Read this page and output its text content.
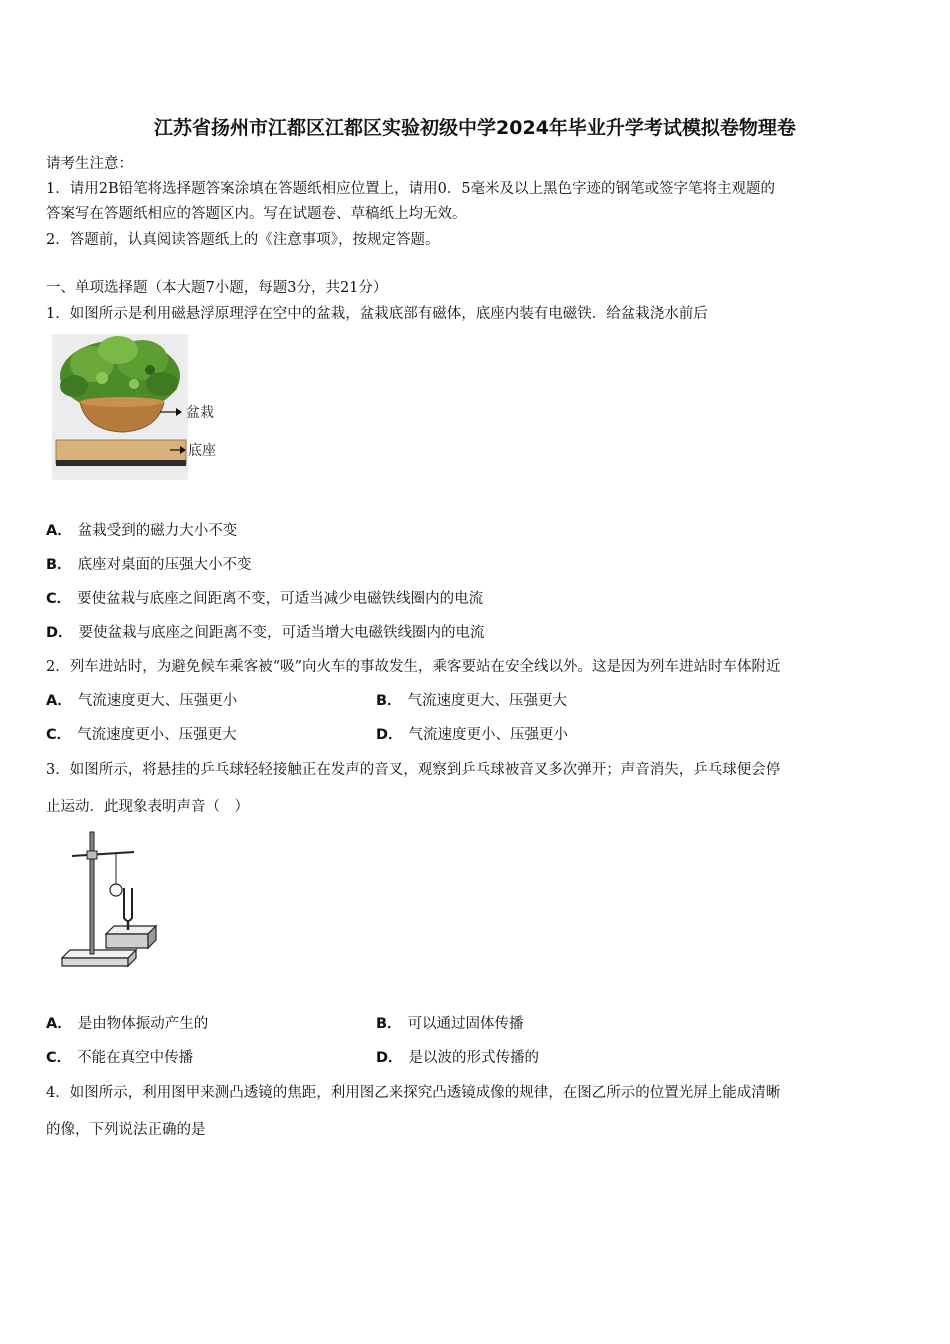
江苏省扬州市江都区江都区实验初级中学2024年毕业升学考试模拟卷物理卷
请考生注意：
1．请用2B铅笔将选择题答案涂填在答题纸相应位置上，请用0．5毫米及以上黑色字迹的钢笔或签字笔将主观题的
答案写在答题纸相应的答题区内。写在试题卷、草稿纸上均无效。
2．答题前，认真阅读答题纸上的《注意事项》，按规定答题。
一、单项选择题（本大题7小题，每题3分，共21分）
1．如图所示是利用磁悬浮原理浮在空中的盆栽，盆栽底部有磁体，底座内装有电磁铁．给盆栽浇水前后
盆栽
底座
A． 盆栽受到的磁力大小不变
B． 底座对桌面的压强大小不变
C． 要使盆栽与底座之间距离不变，可适当减少电磁铁线圈内的电流
D． 要使盆栽与底座之间距离不变，可适当增大电磁铁线圈内的电流
2．列车进站时，为避免候车乘客被“吸”向火车的事故发生，乘客要站在安全线以外。这是因为列车进站时车体附近
A． 气流速度更大、压强更小	B． 气流速度更大、压强更大
C． 气流速度更小、压强更大	D． 气流速度更小、压强更小
3．如图所示，将悬挂的乒乓球轻轻接触正在发声的音叉，观察到乒乓球被音叉多次弹开；声音消失，乒乓球便会停
止运动．此现象表明声音（　）
A． 是由物体振动产生的	B． 可以通过固体传播
C． 不能在真空中传播	D． 是以波的形式传播的
4．如图所示，利用图甲来测凸透镜的焦距，利用图乙来探究凸透镜成像的规律，在图乙所示的位置光屏上能成清晰
的像，下列说法正确的是
